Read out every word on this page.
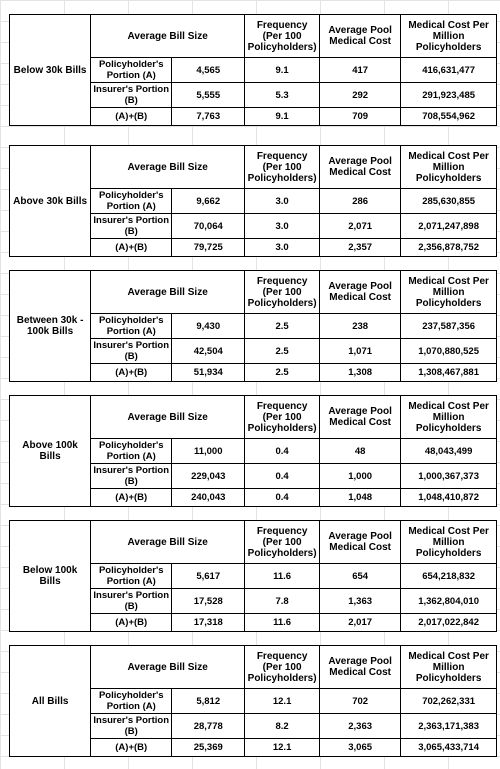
Below 30k Bills	Average Bill Size		Frequency (Per 100 Policyholders)	Average Pool Medical Cost	Medical Cost Per Million Policyholders
	Policyholder's Portion (A)	4,565	9.1	417	416,631,477
	Insurer's Portion (B)	5,555	5.3	292	291,923,485
	(A)+(B)	7,763	9.1	709	708,554,962
Above 30k Bills	Average Bill Size		Frequency (Per 100 Policyholders)	Average Pool Medical Cost	Medical Cost Per Million Policyholders
	Policyholder's Portion (A)	9,662	3.0	286	285,630,855
	Insurer's Portion (B)	70,064	3.0	2,071	2,071,247,898
	(A)+(B)	79,725	3.0	2,357	2,356,878,752
Between 30k - 100k Bills	Average Bill Size		Frequency (Per 100 Policyholders)	Average Pool Medical Cost	Medical Cost Per Million Policyholders
	Policyholder's Portion (A)	9,430	2.5	238	237,587,356
	Insurer's Portion (B)	42,504	2.5	1,071	1,070,880,525
	(A)+(B)	51,934	2.5	1,308	1,308,467,881
Above 100k Bills	Average Bill Size		Frequency (Per 100 Policyholders)	Average Pool Medical Cost	Medical Cost Per Million Policyholders
	Policyholder's Portion (A)	11,000	0.4	48	48,043,499
	Insurer's Portion (B)	229,043	0.4	1,000	1,000,367,373
	(A)+(B)	240,043	0.4	1,048	1,048,410,872
Below 100k Bills	Average Bill Size		Frequency (Per 100 Policyholders)	Average Pool Medical Cost	Medical Cost Per Million Policyholders
	Policyholder's Portion (A)	5,617	11.6	654	654,218,832
	Insurer's Portion (B)	17,528	7.8	1,363	1,362,804,010
	(A)+(B)	17,318	11.6	2,017	2,017,022,842
All Bills	Average Bill Size		Frequency (Per 100 Policyholders)	Average Pool Medical Cost	Medical Cost Per Million Policyholders
	Policyholder's Portion (A)	5,812	12.1	702	702,262,331
	Insurer's Portion (B)	28,778	8.2	2,363	2,363,171,383
	(A)+(B)	25,369	12.1	3,065	3,065,433,714
